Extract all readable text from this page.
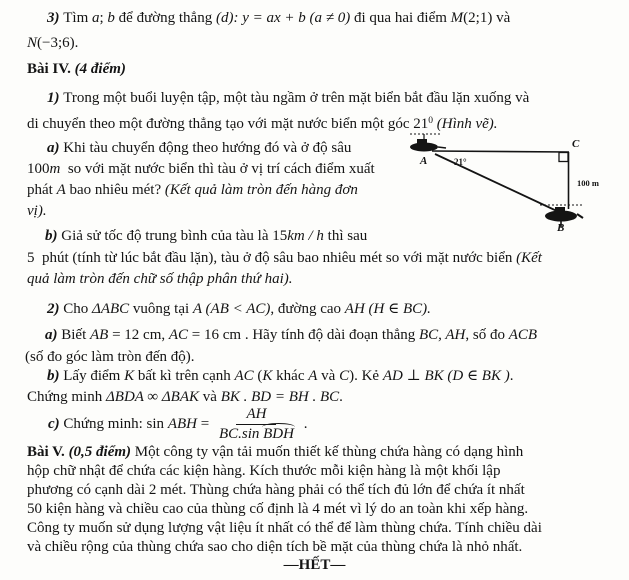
3) Tìm a; b để đường thẳng (d): y = ax + b (a ≠ 0) đi qua hai điểm M(2;1) và
N(−3;6).
Bài IV. (4 điểm)
1) Trong một buổi luyện tập, một tàu ngầm ở trên mặt biển bắt đầu lặn xuống và
di chuyển theo một đường thẳng tạo với mặt nước biển một góc $21^0$ (Hình vẽ).
a) Khi tàu chuyển động theo hướng đó và ở độ sâu
100m  so với mặt nước biển thì tàu ở vị trí cách điểm xuất
phát A bao nhiêu mét? (Kết quả làm tròn đến hàng đơn
vị).
b) Giả sử tốc độ trung bình của tàu là 15km / h thì sau
5  phút (tính từ lúc bắt đầu lặn), tàu ở độ sâu bao nhiêu mét so với mặt nước biển (Kết
quả làm tròn đến chữ số thập phân thứ hai).
2) Cho ΔABC vuông tại A (AB < AC), đường cao AH (H ∈ BC).
a) Biết AB = 12 cm, AC = 16 cm . Hãy tính độ dài đoạn thẳng BC, AH, số đo ACB
(số đo góc làm tròn đến độ).
b) Lấy điểm K bất kì trên cạnh AC (K khác A và C). Kẻ AD ⊥ BK (D ∈ BK ).
Chứng minh ΔBDA ∞ ΔBAK và BK . BD = BH . BC.
c) Chứng minh: sin ABH = $\frac{AH}{\text{BC.sin BDH}}$ .
Bài V. (0,5 điểm) Một công ty vận tải muốn thiết kế thùng chứa hàng có dạng hình
hộp chữ nhật để chứa các kiện hàng. Kích thước mỗi kiện hàng là một khối lập
phương có cạnh dài 2 mét. Thùng chứa hàng phải có thể tích đủ lớn để chứa ít nhất
50 kiện hàng và chiều cao của thùng cố định là 4 mét vì lý do an toàn khi xếp hàng.
Công ty muốn sử dụng lượng vật liệu ít nhất có thể để làm thùng chứa. Tính chiều dài
và chiều rộng của thùng chứa sao cho diện tích bề mặt của thùng chứa là nhỏ nhất.
—HẾT—
A	21°
C
100 m
B
